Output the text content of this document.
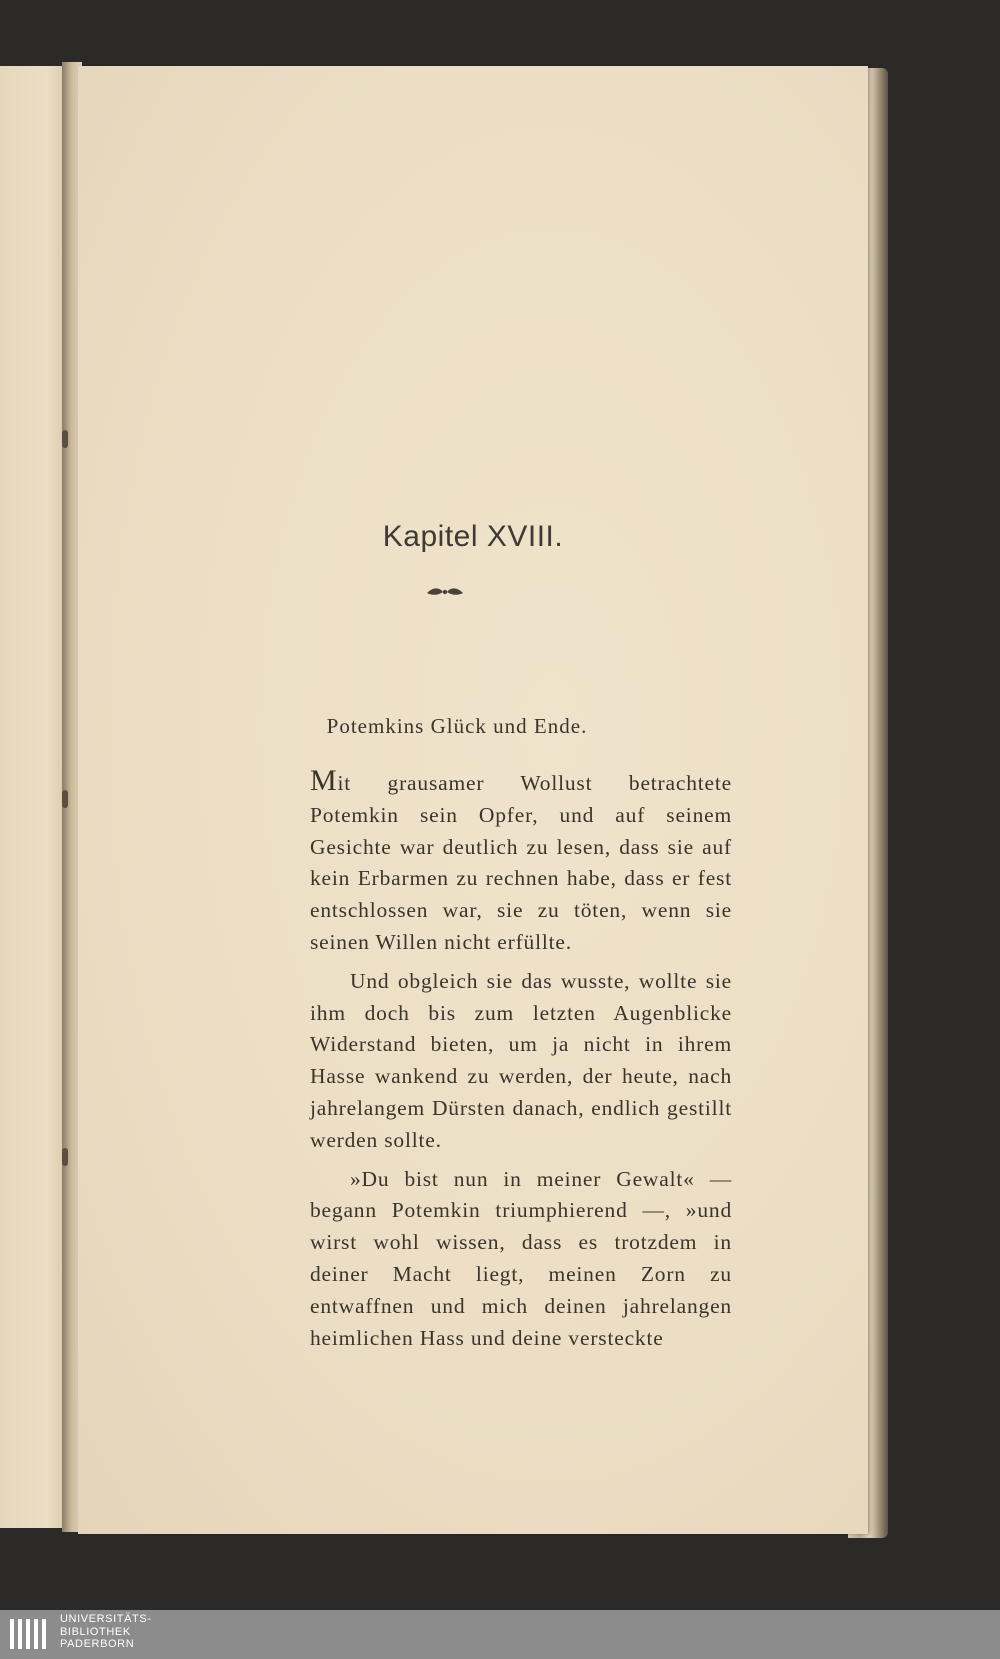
Kapitel XVIII.
Potemkins Glück und Ende.

Mit grausamer Wollust betrachtete Potemkin sein Opfer, und auf seinem Gesichte war deutlich zu lesen, dass sie auf kein Erbarmen zu rechnen habe, dass er fest entschlossen war, sie zu töten, wenn sie seinen Willen nicht erfüllte.

Und obgleich sie das wusste, wollte sie ihm doch bis zum letzten Augenblicke Widerstand bieten, um ja nicht in ihrem Hasse wankend zu werden, der heute, nach jahrelangem Dürsten danach, endlich gestillt werden sollte.

»Du bist nun in meiner Gewalt« — begann Potemkin triumphierend —, »und wirst wohl wissen, dass es trotzdem in deiner Macht liegt, meinen Zorn zu entwaffnen und mich deinen jahrelangen heimlichen Hass und deine versteckte

UNIVERSITÄTS-
BIBLIOTHEK
PADERBORN
